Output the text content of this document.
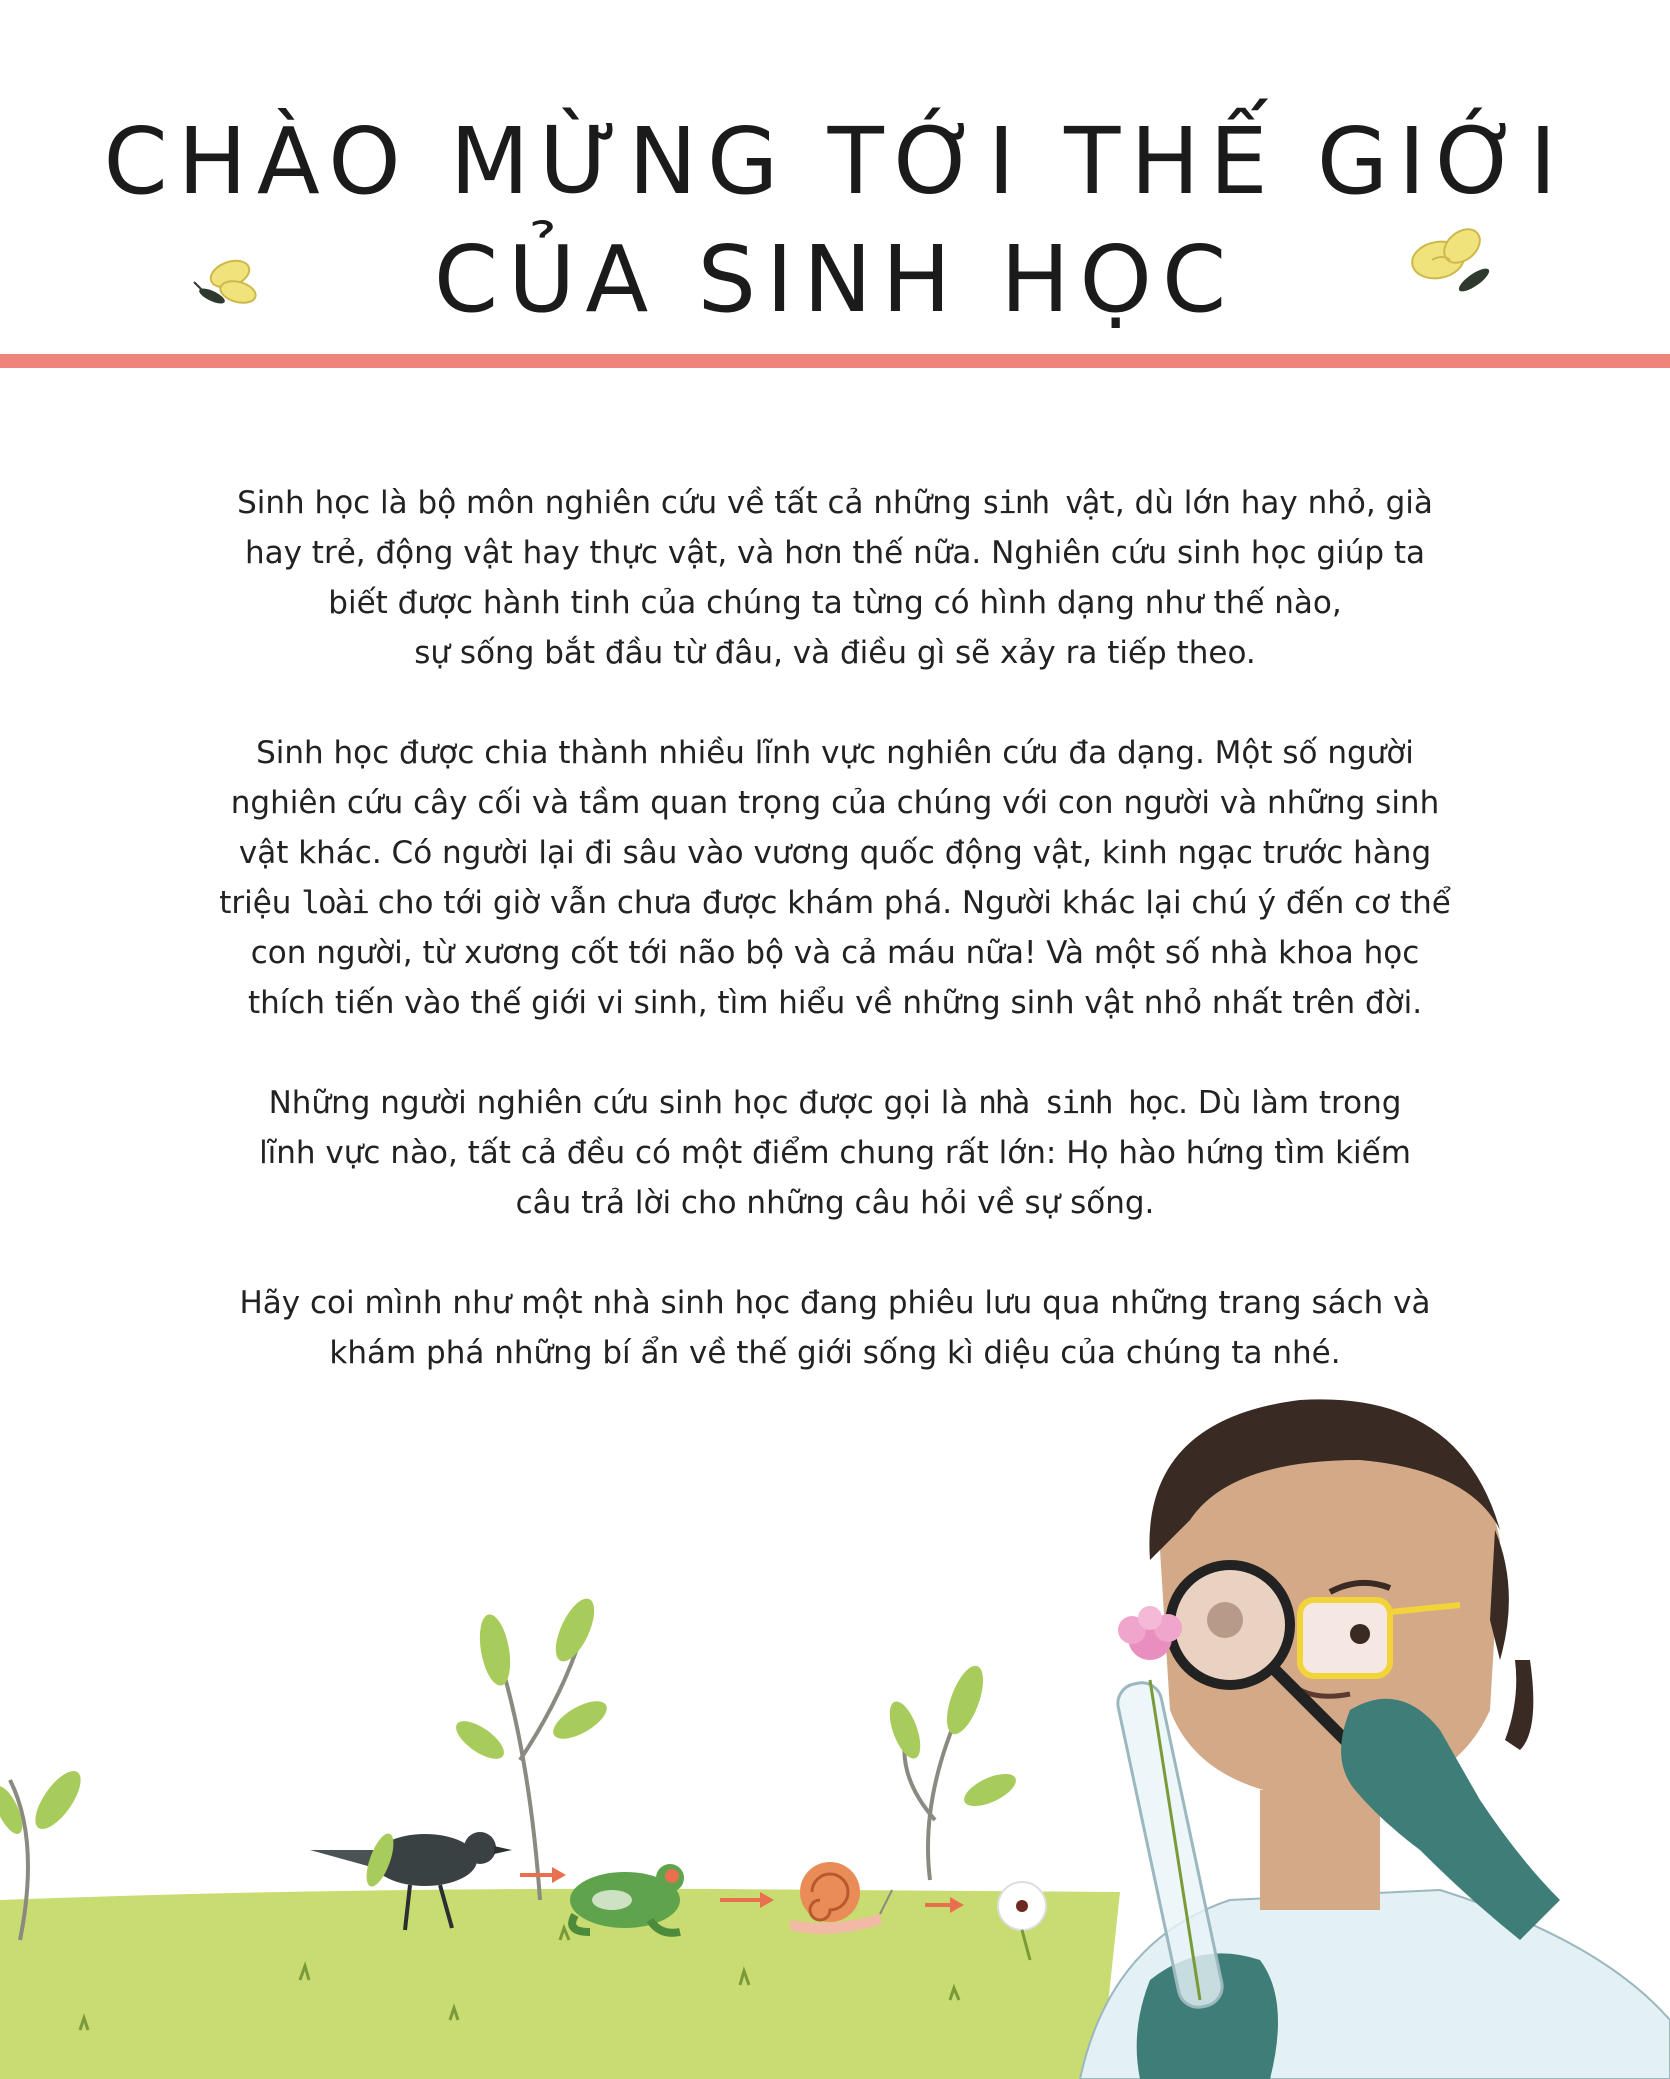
CHÀO MỪNG TỚI THẾ GIỚI
CỦA SINH HỌC
Sinh học là bộ môn nghiên cứu về tất cả những sinh vật, dù lớn hay nhỏ, già
hay trẻ, động vật hay thực vật, và hơn thế nữa. Nghiên cứu sinh học giúp ta
biết được hành tinh của chúng ta từng có hình dạng như thế nào,
sự sống bắt đầu từ đâu, và điều gì sẽ xảy ra tiếp theo.
Sinh học được chia thành nhiều lĩnh vực nghiên cứu đa dạng. Một số người
nghiên cứu cây cối và tầm quan trọng của chúng với con người và những sinh
vật khác. Có người lại đi sâu vào vương quốc động vật, kinh ngạc trước hàng
triệu loài cho tới giờ vẫn chưa được khám phá. Người khác lại chú ý đến cơ thể
con người, từ xương cốt tới não bộ và cả máu nữa! Và một số nhà khoa học
thích tiến vào thế giới vi sinh, tìm hiểu về những sinh vật nhỏ nhất trên đời.
Những người nghiên cứu sinh học được gọi là nhà sinh học. Dù làm trong
lĩnh vực nào, tất cả đều có một điểm chung rất lớn: Họ hào hứng tìm kiếm
câu trả lời cho những câu hỏi về sự sống.
Hãy coi mình như một nhà sinh học đang phiêu lưu qua những trang sách và
khám phá những bí ẩn về thế giới sống kì diệu của chúng ta nhé.
